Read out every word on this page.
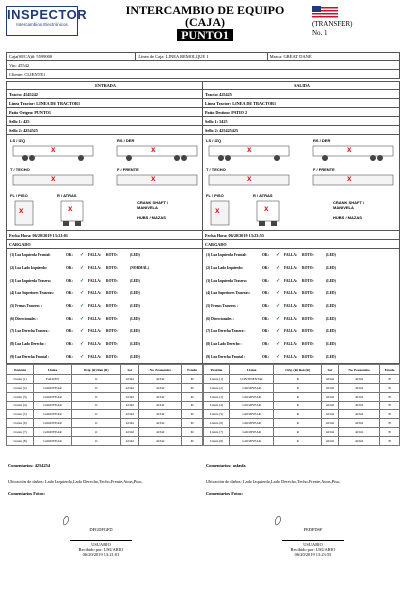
INSPECTOR
Intercambios Electrónicos
INTERCAMBIO DE EQUIPO
(CAJA)
PUNTO1
(TRANSFER)
No. 1
Caja(SECA)#: 5599000	Línea de Caja: LINEA REMOLQUE 1	Marca: GREAT DANE
Vin: 45542
Cliente: CLIENTE1
ENTRADA
Tracto: 4545242
Línea Tractor: LINEA DE TRACTOR1
Patio Origen: PUNTO1
Sello 1: 425
Sello 2: 4254525
LS / IZQ	RS / DER
x	x
T / TECHO	F / FRENTE
x	x
FL / PISO	R / ATRAS
CRANK SHAFT / MANIVELA
HUBS / MAZAS
x	x
Fecha Hora: 06/20/2019 13:21:01
CARGADO
(1) Luz Izquierda Frontal:	OK:	✓	FALLA:	ROTO:	(LED)
(2) Luz Lado Izquierdo:	OK:	✓	FALLA:	ROTO:	(NORMAL)
(3) Luz Izquierda Trasera:	OK:	✓	FALLA:	ROTO:	(LED)
(4) Luz Superiores Traseras:	OK:	✓	FALLA:	ROTO:	(LED)
(5) Frenos Traseros :	OK:	✓	FALLA:	ROTO:	(LED)
(6) Direccionales :	OK:	✓	FALLA:	ROTO:	(LED)
(7) Luz Derecha Trasera :	OK:	✓	FALLA:	ROTO:	(LED)
(8) Luz Lado Derecho :	OK:	✓	FALLA:	ROTO:	(LED)
(9) Luz Derecha Frontal :	OK:	✓	FALLA:	ROTO:	(LED)
Posición	Llanta	Orig. (R) Ren (R)	Ser	No. Economico	Estado
Llanta (1)	FALKEN	O	42342	42342	M
Llanta (2)	GOODYEAR	O	42342	42342	M
Llanta (3)	GOODYEAR	O	42342	42342	M
Llanta (4)	GOODYEAR	O	42342	42342	M
Llanta (5)	GOODYEAR	O	42342	42342	M
Llanta (6)	GOODYEAR	O	42342	42342	M
Llanta (7)	GOODYEAR	O	42342	42342	M
Llanta (8)	GOODYEAR	O	42342	42342	M
SALIDA
Tracto: 425425
Línea Tractor: LINEA DE TRACTOR1
Patio Destino: PATIO 2
Sello 1: 5425
Sello 2: 425425425
LS / IZQ	RS / DER
x	x
T / TECHO	F / FRENTE
x	x
FL / PISO	R / ATRAS
CRANK SHAFT / MANIVELA
HUBS / MAZAS
x	x
Fecha Hora: 06/20/2019 13:23:55
CARGADO
(1) Luz Izquierda Frontal:	OK:	✓	FALLA:	ROTO:	(LED)
(2) Luz Lado Izquierdo:	OK:	✓	FALLA:	ROTO:	(LED)
(3) Luz Izquierda Trasera:	OK:	✓	FALLA:	ROTO:	(LED)
(4) Luz Superiores Traseras:	OK:	✓	FALLA:	ROTO:	(LED)
(5) Frenos Traseros :	OK:	✓	FALLA:	ROTO:	(LED)
(6) Direccionales :	OK:	✓	FALLA:	ROTO:	(LED)
(7) Luz Derecha Trasera :	OK:	✓	FALLA:	ROTO:	(LED)
(8) Luz Lado Derecho :	OK:	✓	FALLA:	ROTO:	(LED)
(9) Luz Derecha Frontal :	OK:	✓	FALLA:	ROTO:	(LED)
Posición	Llanta	Orig. (R) Ren (R)	Ser	No. Economico	Estado
Llanta (1)	CONTINENTAL	R	42342	42342	B
Llanta (2)	GOODYEAR	R	42342	42342	B
Llanta (3)	GOODYEAR	R	42342	42342	B
Llanta (4)	GOODYEAR	R	42342	42342	B
Llanta (5)	GOODYEAR	R	42342	42342	B
Llanta (6)	GOODYEAR	R	42342	42342	B
Llanta (7)	GOODYEAR	R	42342	42342	B
Llanta (8)	GOODYEAR	R	42342	42342	B
Comentarios: 4254254	Comentarios: asfasfa
Ubicación de daños: Lado Izquierdo,Lado Derecho,Techo,Frente,Atras,Piso,	Ubicación de daños: Lado Izquierdo,Lado Derecho,Techo,Frente,Atras,Piso,
Comentarios Fotos:	Comentarios Fotos:
DFGDFGFD
USUARIO
Recibido por: USUARIO
06/20/2019 13:21:01
FEDFDSF
USUARIO
Recibido por: USUARIO
06/20/2019 13:23:55
